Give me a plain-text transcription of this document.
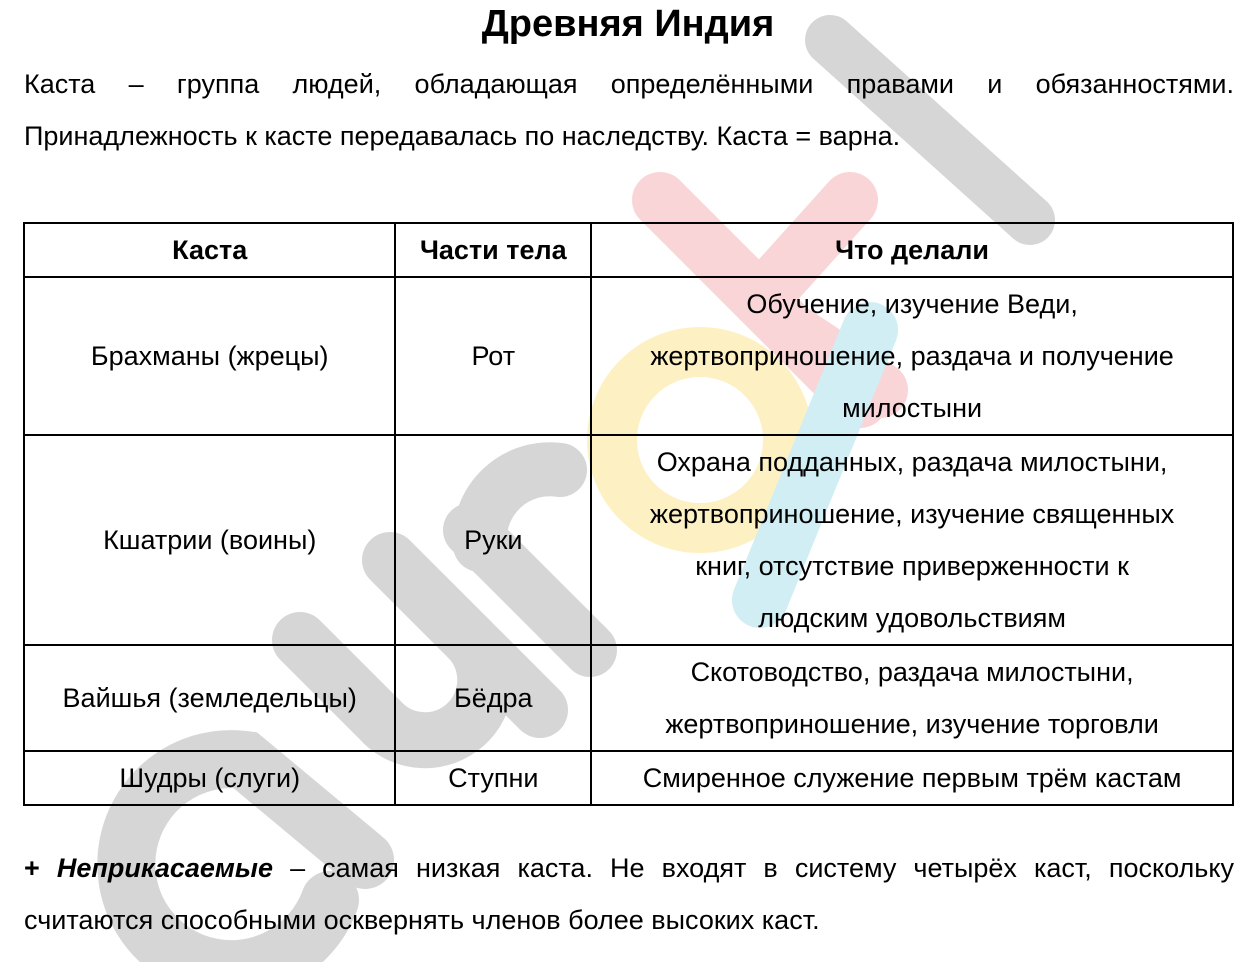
Древняя Индия
Каста – группа людей, обладающая определёнными правами и обязанностями.
Принадлежность к касте передавалась по наследству. Каста = варна.
Каста	Части тела	Что делали
Брахманы (жрецы)	Рот	Обучение, изучение Веди,
жертвоприношение, раздача и получение
милостыни

Кшатрии (воины)	Руки	Охрана подданных, раздача милостыни,
жертвоприношение, изучение священных
книг, отсутствие приверженности к
людским удовольствиям

Вайшья (земледельцы)	Бёдра	Скотоводство, раздача милостыни,
жертвоприношение, изучение торговли

Шудры (слуги)	Ступни	Смиренное служение первым трём кастам
+ Неприкасаемые – самая низкая каста. Не входят в систему четырёх каст, поскольку
считаются способными осквернять членов более высоких каст.
